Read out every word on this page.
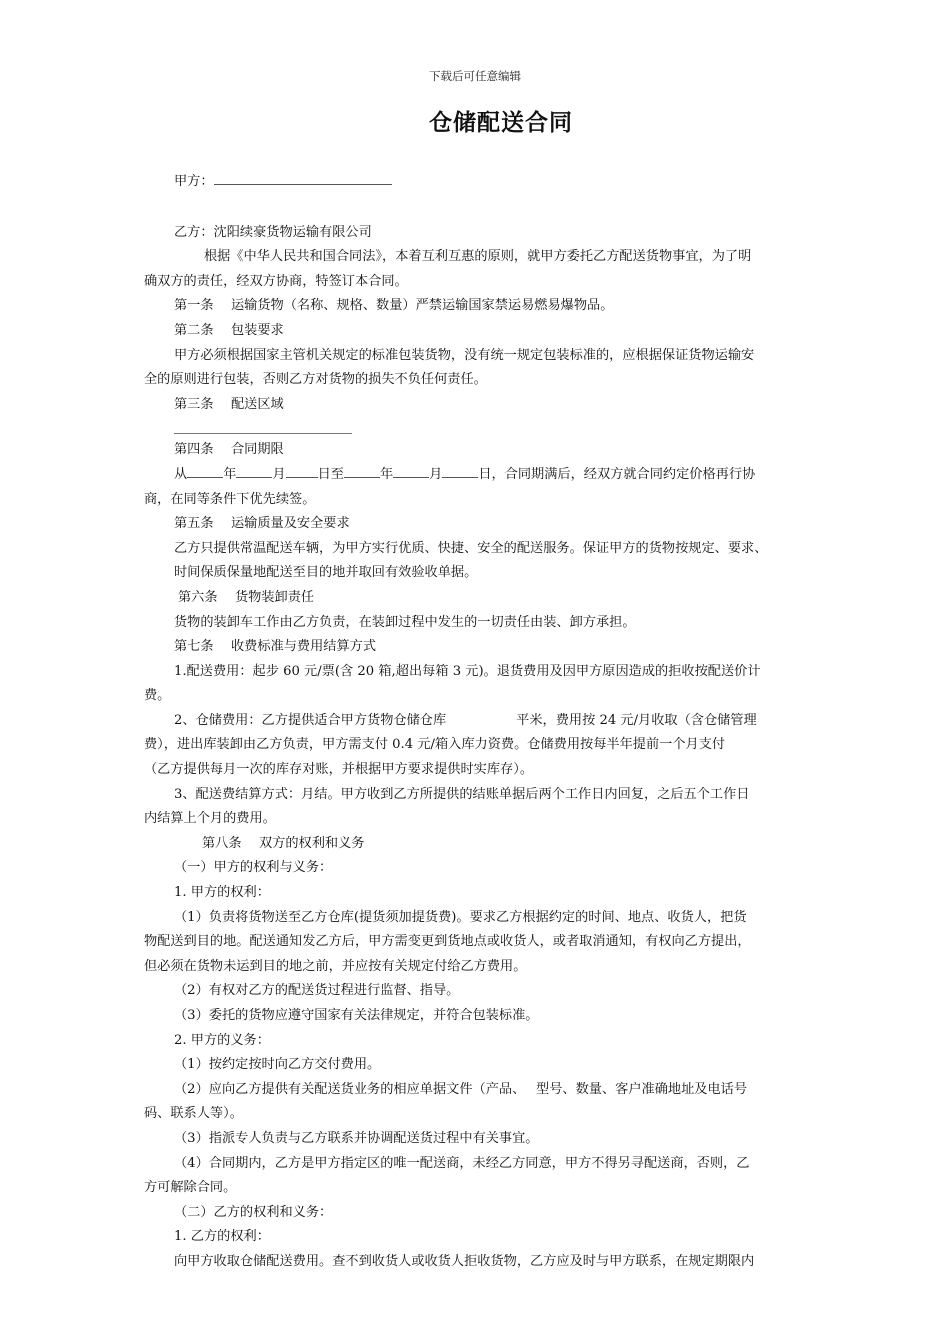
下载后可任意编辑
仓储配送合同
甲方：
乙方：沈阳续豪货物运输有限公司
根据《中华人民共和国合同法》，本着互利互惠的原则，就甲方委托乙方配送货物事宜，为了明
确双方的责任，经双方协商，特签订本合同。
第一条　 运输货物（名称、规格、数量）严禁运输国家禁运易燃易爆物品。
第二条　 包装要求
甲方必须根据国家主管机关规定的标准包装货物，没有统一规定包装标准的，应根据保证货物运输安
全的原则进行包装，否则乙方对货物的损失不负任何责任。
第三条　 配送区域
第四条　 合同期限
从	年	月 日至	年	月	日，合同期满后，经双方就合同约定价格再行协
商，在同等条件下优先续签。
第五条　 运输质量及安全要求
乙方只提供常温配送车辆，为甲方实行优质、快捷、安全的配送服务。保证甲方的货物按规定、要求、
时间保质保量地配送至目的地并取回有效验收单据。
第六条　 货物装卸责任
货物的装卸车工作由乙方负责，在装卸过程中发生的一切责任由装、卸方承担。
第七条　 收费标准与费用结算方式
1.配送费用：起步 60 元/票(含 20 箱,超出每箱 3 元)。退货费用及因甲方原因造成的拒收按配送价计
费。
2、仓储费用：乙方提供适合甲方货物仓储仓库	平米，费用按 24 元/月收取（含仓储管理
费），进出库装卸由乙方负责，甲方需支付 0.4 元/箱入库力资费。仓储费用按每半年提前一个月支付
（乙方提供每月一次的库存对账，并根据甲方要求提供时实库存）。
3、配送费结算方式：月结。甲方收到乙方所提供的结账单据后两个工作日内回复，之后五个工作日
内结算上个月的费用。
第八条　 双方的权利和义务
（一）甲方的权利与义务：
1. 甲方的权利：
（1）负责将货物送至乙方仓库(提货须加提货费)。要求乙方根据约定的时间、地点、收货人，把货
物配送到目的地。配送通知发乙方后，甲方需变更到货地点或收货人，或者取消通知，有权向乙方提出，
但必须在货物未运到目的地之前，并应按有关规定付给乙方费用。
（2）有权对乙方的配送货过程进行监督、指导。
（3）委托的货物应遵守国家有关法律规定，并符合包装标准。
2. 甲方的义务：
（1）按约定按时向乙方交付费用。
（2）应向乙方提供有关配送货业务的相应单据文件（产品、　 型号、数量、客户准确地址及电话号
码、联系人等）。
（3）指派专人负责与乙方联系并协调配送货过程中有关事宜。
（4）合同期内，乙方是甲方指定区的唯一配送商，未经乙方同意，甲方不得另寻配送商，否则，乙
方可解除合同。
（二）乙方的权利和义务：
1. 乙方的权利：
向甲方收取仓储配送费用。查不到收货人或收货人拒收货物，乙方应及时与甲方联系，在规定期限内
